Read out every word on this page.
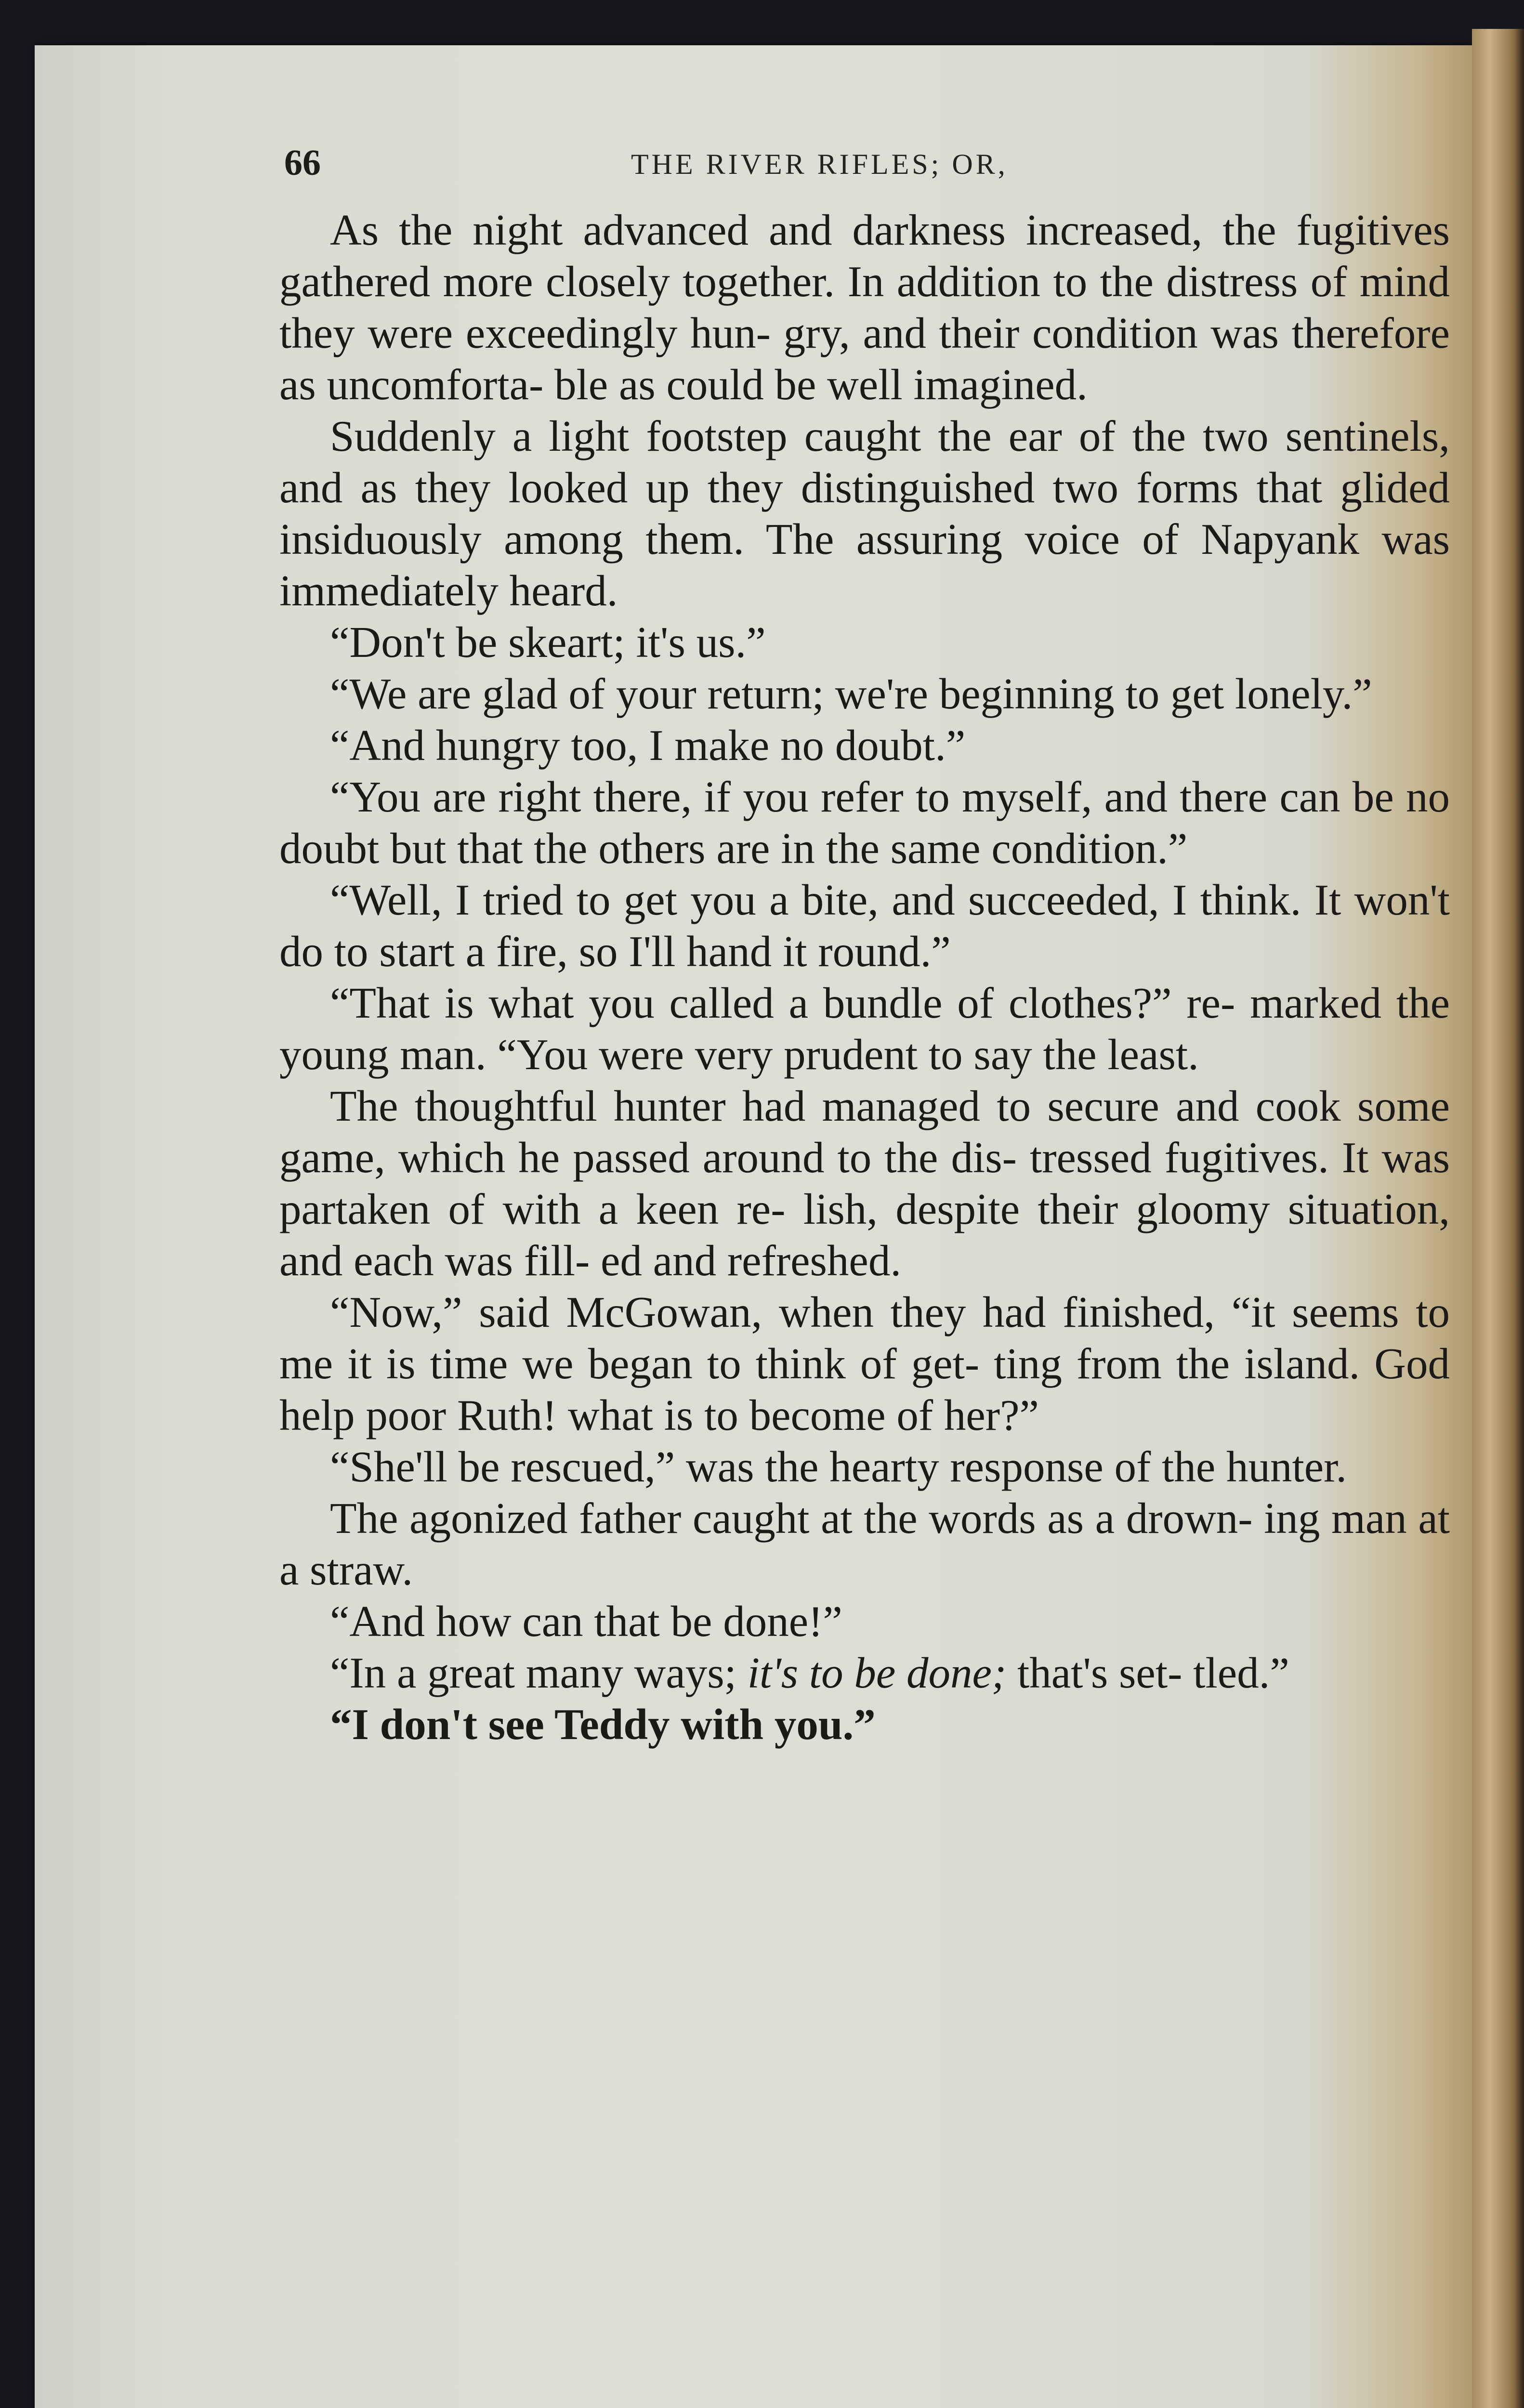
66	THE RIVER RIFLES; OR,

As the night advanced and darkness increased, the fugitives gathered more closely together. In addition to the distress of mind they were exceedingly hun- gry, and their condition was therefore as uncomforta- ble as could be well imagined.

Suddenly a light footstep caught the ear of the two sentinels, and as they looked up they distinguished two forms that glided insiduously among them. The assuring voice of Napyank was immediately heard.

“Don't be skeart; it's us.”

“We are glad of your return; we're beginning to get lonely.”

“And hungry too, I make no doubt.”

“You are right there, if you refer to myself, and there can be no doubt but that the others are in the same condition.”

“Well, I tried to get you a bite, and succeeded, I think. It won't do to start a fire, so I'll hand it round.”

“That is what you called a bundle of clothes?” re- marked the young man. “You were very prudent to say the least.

The thoughtful hunter had managed to secure and cook some game, which he passed around to the dis- tressed fugitives. It was partaken of with a keen re- lish, despite their gloomy situation, and each was fill- ed and refreshed.

“Now,” said McGowan, when they had finished, “it seems to me it is time we began to think of get- ting from the island. God help poor Ruth! what is to become of her?”

“She'll be rescued,” was the hearty response of the hunter.

The agonized father caught at the words as a drown- ing man at a straw.

“And how can that be done!”

“In a great many ways; it's to be done; that's set- tled.”

“I don't see Teddy with you.”
